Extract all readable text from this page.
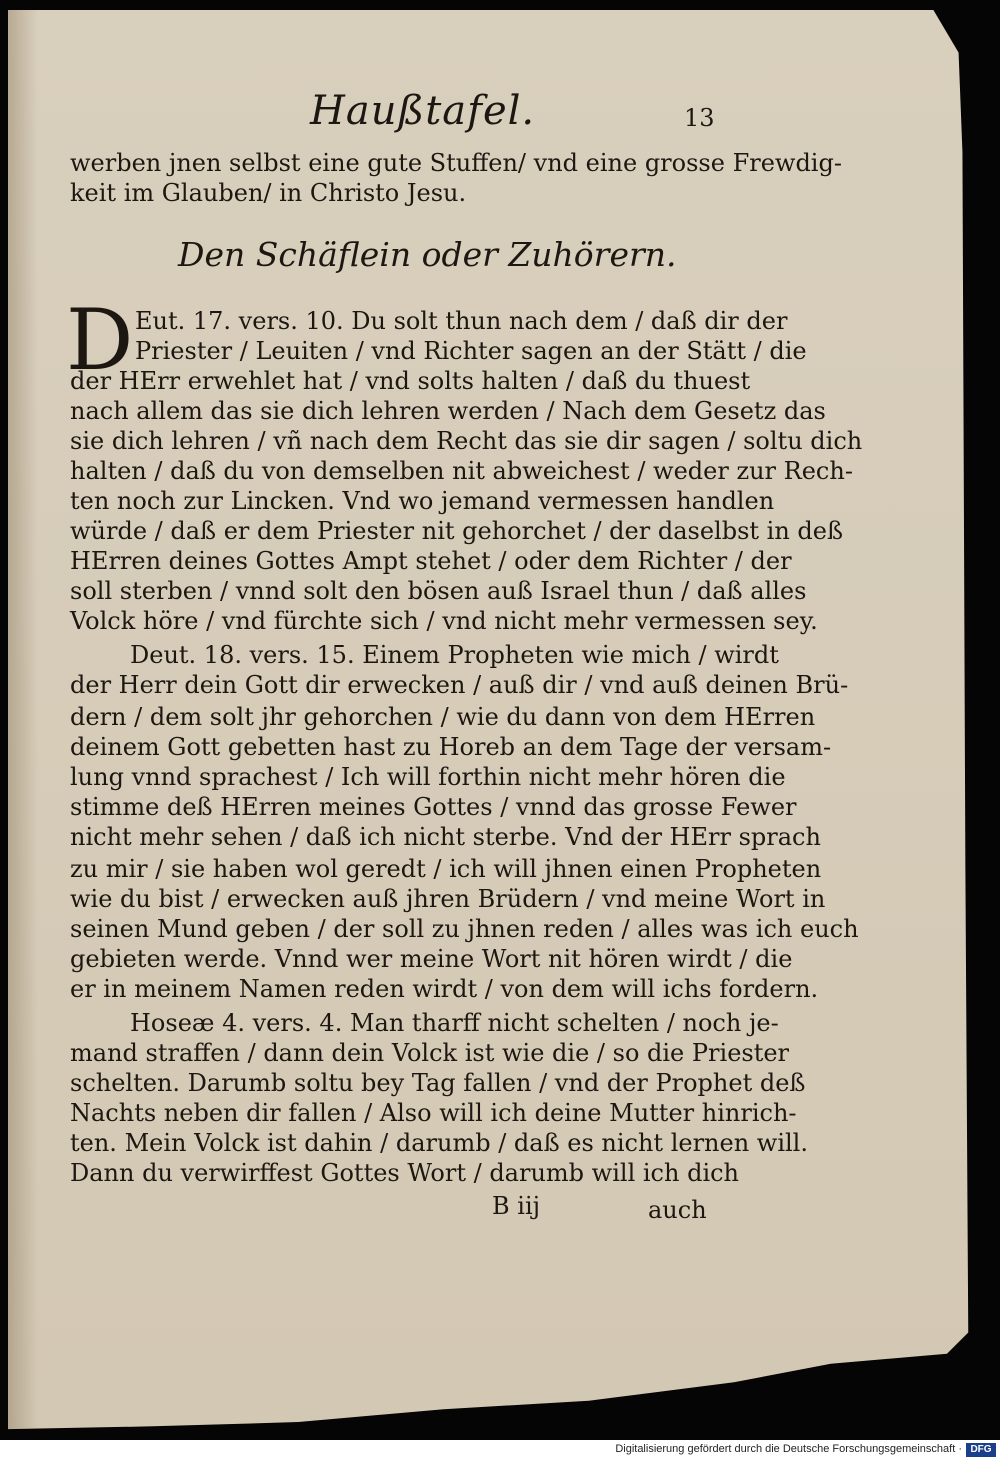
Haußtafel.	13
werben jnen selbst eine gute Stuffen/ vnd eine grosse Frewdig-
keit im Glauben/ in Christo Jesu.
Den Schäflein oder Zuhörern.
D Eut. 17. vers. 10. Du solt thun nach dem / daß dir der
Priester / Leuiten / vnd Richter sagen an der Stätt / die
der HErr erwehlet hat / vnd solts halten / daß du thuest
nach allem das sie dich lehren werden / Nach dem Gesetz das
sie dich lehren / vñ nach dem Recht das sie dir sagen / soltu dich
halten / daß du von demselben nit abweichest / weder zur Rech-
ten noch zur Lincken. Vnd wo jemand vermessen handlen
würde / daß er dem Priester nit gehorchet / der daselbst in deß
HErren deines Gottes Ampt stehet / oder dem Richter / der
soll sterben / vnnd solt den bösen auß Israel thun / daß alles
Volck höre / vnd fürchte sich / vnd nicht mehr vermessen sey.
Deut. 18. vers. 15. Einem Propheten wie mich / wirdt
der Herr dein Gott dir erwecken / auß dir / vnd auß deinen Brü-
dern / dem solt jhr gehorchen / wie du dann von dem HErren
deinem Gott gebetten hast zu Horeb an dem Tage der versam-
lung vnnd sprachest / Ich will forthin nicht mehr hören die
stimme deß HErren meines Gottes / vnnd das grosse Fewer
nicht mehr sehen / daß ich nicht sterbe. Vnd der HErr sprach
zu mir / sie haben wol geredt / ich will jhnen einen Propheten
wie du bist / erwecken auß jhren Brüdern / vnd meine Wort in
seinen Mund geben / der soll zu jhnen reden / alles was ich euch
gebieten werde. Vnnd wer meine Wort nit hören wirdt / die
er in meinem Namen reden wirdt / von dem will ichs fordern.
Hoseæ 4. vers. 4. Man tharff nicht schelten / noch je-
mand straffen / dann dein Volck ist wie die / so die Priester
schelten. Darumb soltu bey Tag fallen / vnd der Prophet deß
Nachts neben dir fallen / Also will ich deine Mutter hinrich-
ten. Mein Volck ist dahin / darumb / daß es nicht lernen will.
Dann du verwirffest Gottes Wort / darumb will ich dich
B iij	auch
Digitalisierung gefördert durch die Deutsche Forschungsgemeinschaft · DFG
